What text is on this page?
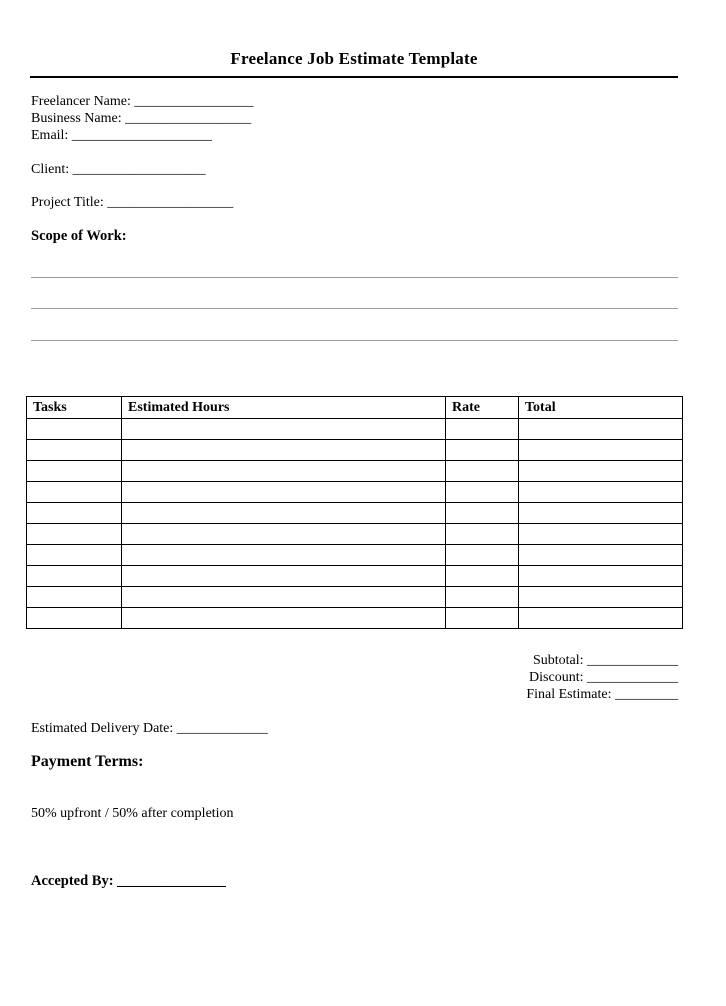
Freelance Job Estimate Template
Freelancer Name: _________________
Business Name: __________________
Email: ____________________
Client: ___________________
Project Title: __________________
Scope of Work:
Tasks	Estimated Hours	Rate	Total

Subtotal: _____________
Discount: _____________
Final Estimate: _________
Estimated Delivery Date: _____________
Payment Terms:
50% upfront / 50% after completion
Accepted By: _______________
